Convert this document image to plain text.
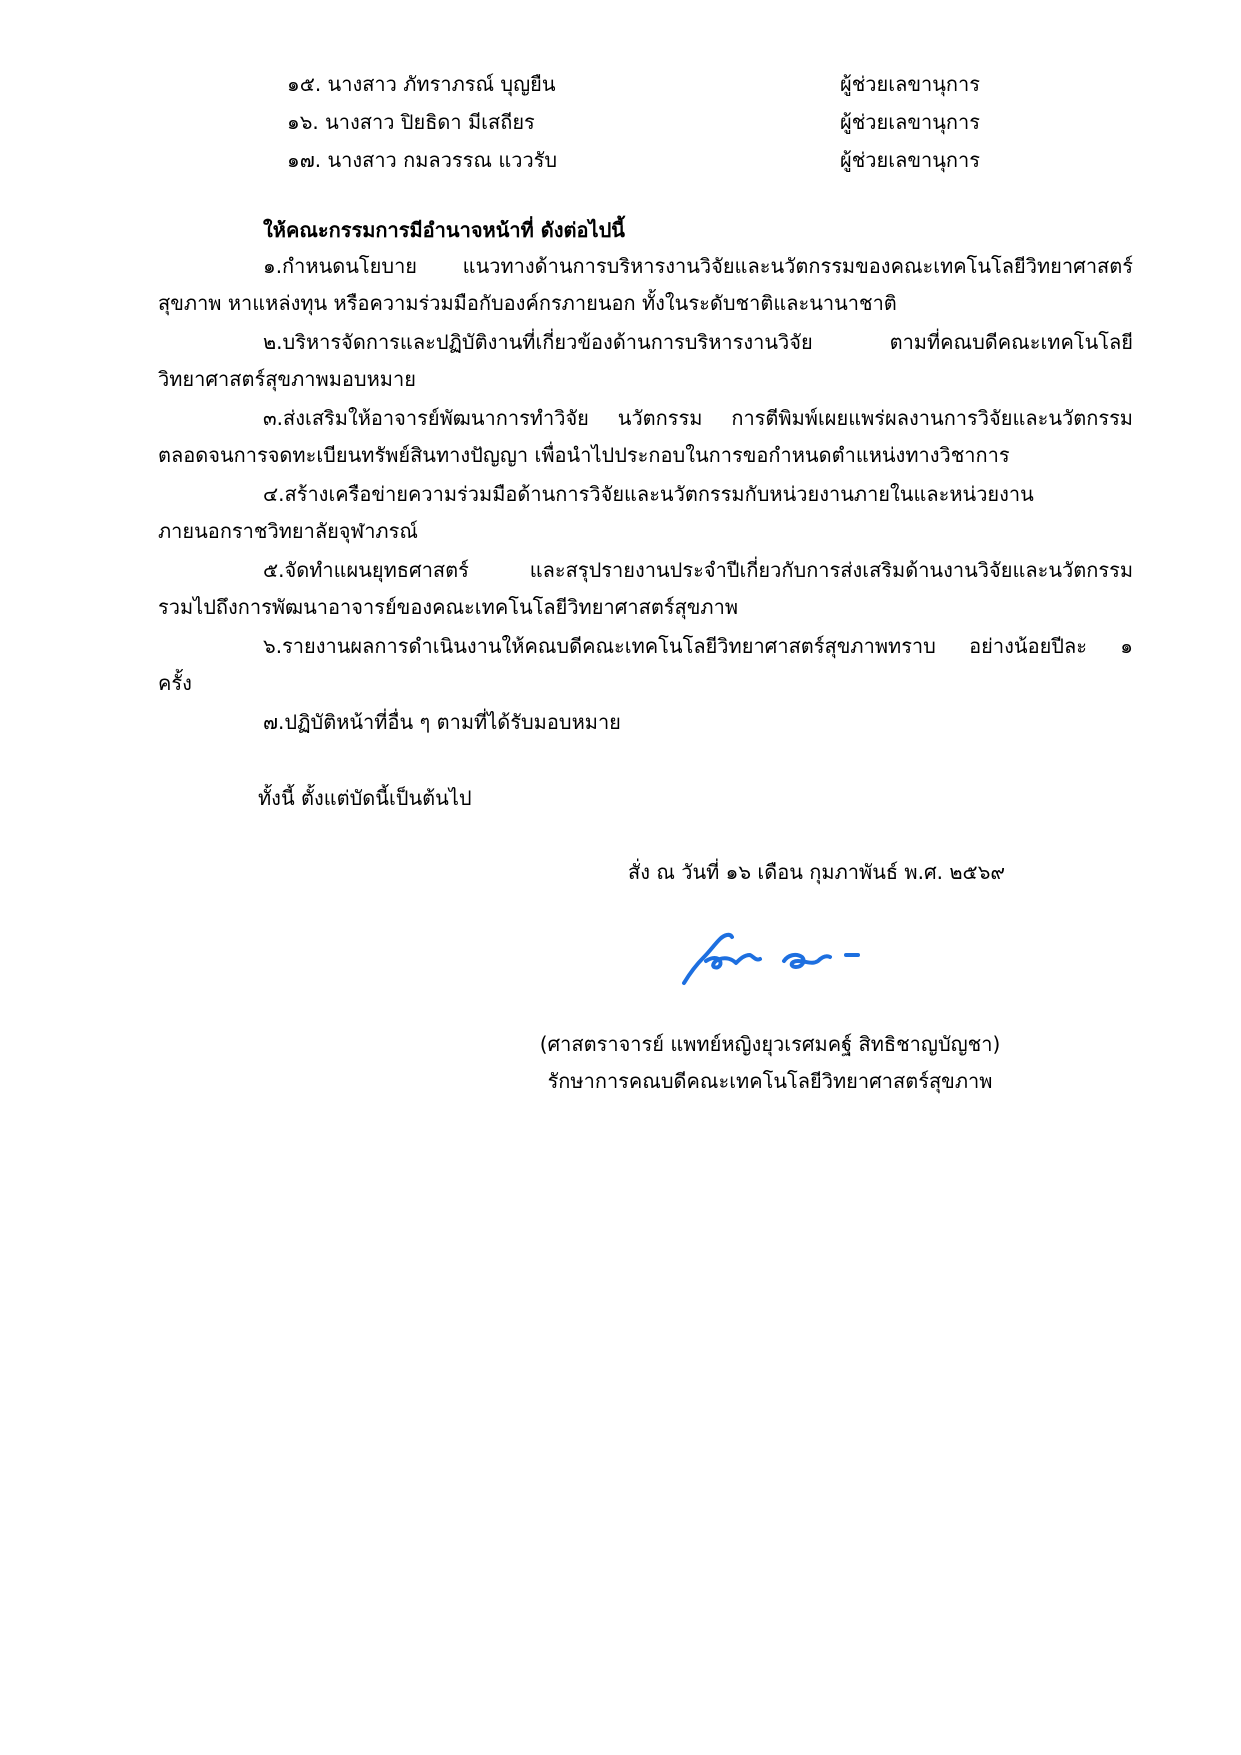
๑๕. นางสาว ภัทราภรณ์ บุญยืน	ผู้ช่วยเลขานุการ
๑๖. นางสาว ปิยธิดา มีเสถียร	ผู้ช่วยเลขานุการ
๑๗. นางสาว กมลวรรณ แววรับ	ผู้ช่วยเลขานุการ
ให้คณะกรรมการมีอำนาจหน้าที่ ดังต่อไปนี้
๑.กำหนดนโยบาย แนวทางด้านการบริหารงานวิจัยและนวัตกรรมของคณะเทคโนโลยีวิทยาศาสตร์
สุขภาพ หาแหล่งทุน หรือความร่วมมือกับองค์กรภายนอก ทั้งในระดับชาติและนานาชาติ
๒.บริหารจัดการและปฏิบัติงานที่เกี่ยวข้องด้านการบริหารงานวิจัย ตามที่คณบดีคณะเทคโนโลยี
วิทยาศาสตร์สุขภาพมอบหมาย
๓.ส่งเสริมให้อาจารย์พัฒนาการทำวิจัย นวัตกรรม การตีพิมพ์เผยแพร่ผลงานการวิจัยและนวัตกรรม
ตลอดจนการจดทะเบียนทรัพย์สินทางปัญญา เพื่อนำไปประกอบในการขอกำหนดตำแหน่งทางวิชาการ
๔.สร้างเครือข่ายความร่วมมือด้านการวิจัยและนวัตกรรมกับหน่วยงานภายในและหน่วยงาน
ภายนอกราชวิทยาลัยจุฬาภรณ์
๕.จัดทำแผนยุทธศาสตร์ และสรุปรายงานประจำปีเกี่ยวกับการส่งเสริมด้านงานวิจัยและนวัตกรรม
รวมไปถึงการพัฒนาอาจารย์ของคณะเทคโนโลยีวิทยาศาสตร์สุขภาพ
๖.รายงานผลการดำเนินงานให้คณบดีคณะเทคโนโลยีวิทยาศาสตร์สุขภาพทราบ อย่างน้อยปีละ ๑
ครั้ง
๗.ปฏิบัติหน้าที่อื่น ๆ ตามที่ได้รับมอบหมาย
ทั้งนี้ ตั้งแต่บัดนี้เป็นต้นไป
สั่ง ณ วันที่ ๑๖ เดือน กุมภาพันธ์ พ.ศ. ๒๕๖๙
(ศาสตราจารย์ แพทย์หญิงยุวเรศมคฐ์ สิทธิชาญบัญชา)
รักษาการคณบดีคณะเทคโนโลยีวิทยาศาสตร์สุขภาพ
